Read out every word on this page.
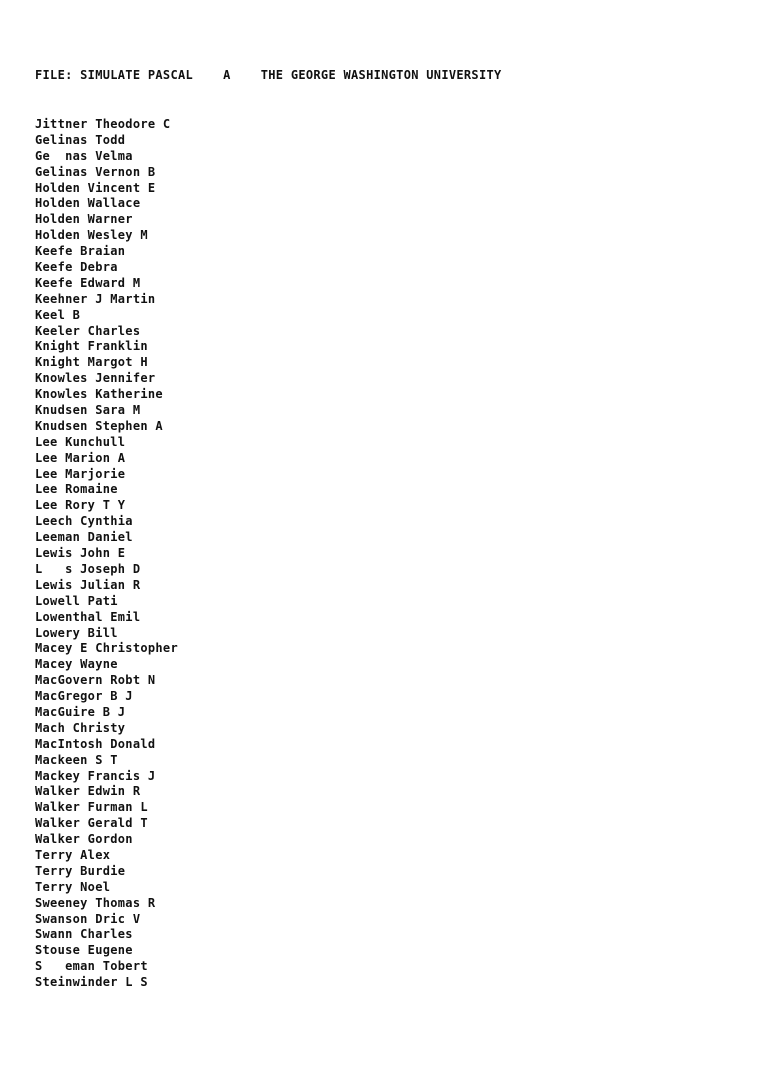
FILE: SIMULATE PASCAL    A    THE GEORGE WASHINGTON UNIVERSITY
Jittner Theodore C
Gelinas Todd
Ge  nas Velma
Gelinas Vernon B
Holden Vincent E
Holden Wallace
Holden Warner
Holden Wesley M
Keefe Braian
Keefe Debra
Keefe Edward M
Keehner J Martin
Keel B
Keeler Charles
Knight Franklin
Knight Margot H
Knowles Jennifer
Knowles Katherine
Knudsen Sara M
Knudsen Stephen A
Lee Kunchull
Lee Marion A
Lee Marjorie
Lee Romaine
Lee Rory T Y
Leech Cynthia
Leeman Daniel
Lewis John E
L   s Joseph D
Lewis Julian R
Lowell Pati
Lowenthal Emil
Lowery Bill
Macey E Christopher
Macey Wayne
MacGovern Robt N
MacGregor B J
MacGuire B J
Mach Christy
MacIntosh Donald
Mackeen S T
Mackey Francis J
Walker Edwin R
Walker Furman L
Walker Gerald T
Walker Gordon
Terry Alex
Terry Burdie
Terry Noel
Sweeney Thomas R
Swanson Dric V
Swann Charles
Stouse Eugene
S   eman Tobert
Steinwinder L S
